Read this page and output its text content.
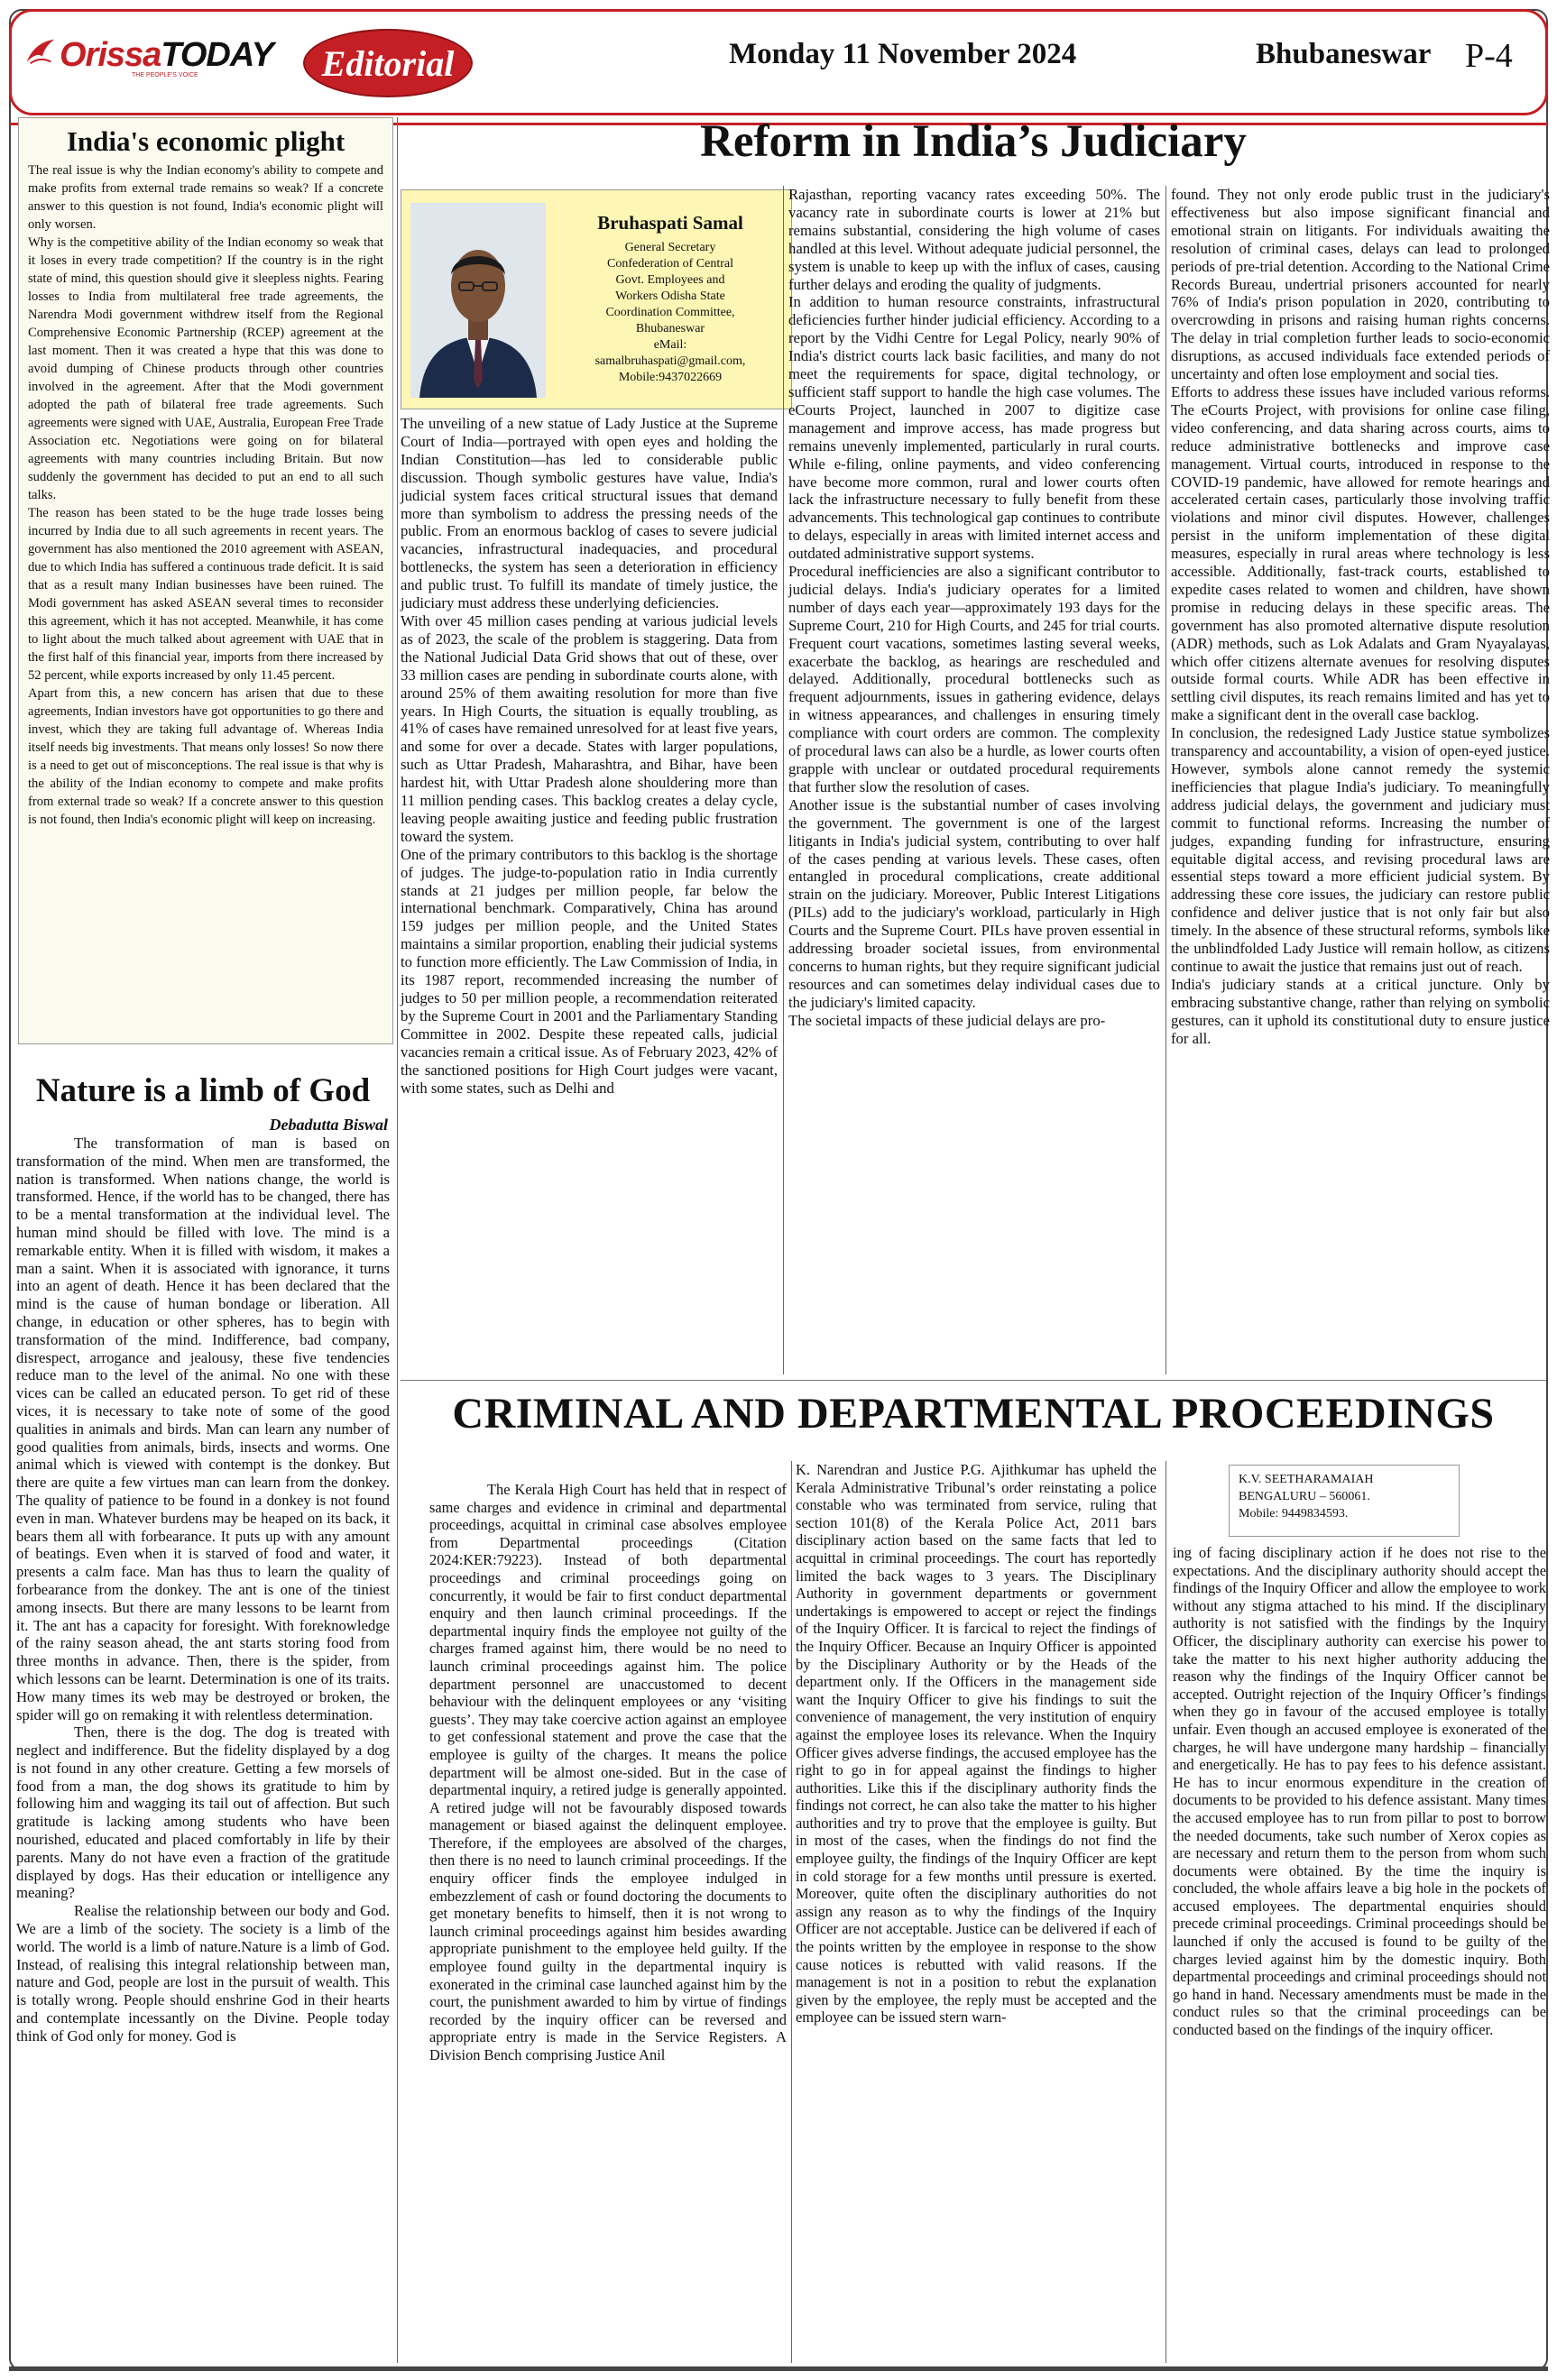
OrissaTODAY
THE PEOPLE'S VOICE	Editorial	Monday 11 November 2024	Bhubaneswar P-4
India's economic plight

The real issue is why the Indian economy's ability to compete and make profits from external trade remains so weak? If a concrete answer to this question is not found, India's economic plight will only worsen.

Why is the competitive ability of the Indian economy so weak that it loses in every trade competition? If the country is in the right state of mind, this question should give it sleepless nights. Fearing losses to India from multilateral free trade agreements, the Narendra Modi government withdrew itself from the Regional Comprehensive Economic Partnership (RCEP) agreement at the last moment. Then it was created a hype that this was done to avoid dumping of Chinese products through other countries involved in the agreement. After that the Modi government adopted the path of bilateral free trade agreements. Such agreements were signed with UAE, Australia, European Free Trade Association etc. Negotiations were going on for bilateral agreements with many countries including Britain. But now suddenly the government has decided to put an end to all such talks.

The reason has been stated to be the huge trade losses being incurred by India due to all such agreements in recent years. The government has also mentioned the 2010 agreement with ASEAN, due to which India has suffered a continuous trade deficit. It is said that as a result many Indian businesses have been ruined. The Modi government has asked ASEAN several times to reconsider this agreement, which it has not accepted. Meanwhile, it has come to light about the much talked about agreement with UAE that in the first half of this financial year, imports from there increased by 52 percent, while exports increased by only 11.45 percent.

Apart from this, a new concern has arisen that due to these agreements, Indian investors have got opportunities to go there and invest, which they are taking full advantage of. Whereas India itself needs big investments. That means only losses! So now there is a need to get out of misconceptions. The real issue is that why is the ability of the Indian economy to compete and make profits from external trade so weak? If a concrete answer to this question is not found, then India's economic plight will keep on increasing.

Nature is a limb of God
Debadutta Biswal

The transformation of man is based on transformation of the mind. When men are transformed, the nation is transformed. When nations change, the world is transformed. Hence, if the world has to be changed, there has to be a mental transformation at the individual level. The human mind should be filled with love. The mind is a remarkable entity. When it is filled with wisdom, it makes a man a saint. When it is associated with ignorance, it turns into an agent of death. Hence it has been declared that the mind is the cause of human bondage or liberation. All change, in education or other spheres, has to begin with transformation of the mind. Indifference, bad company, disrespect, arrogance and jealousy, these five tendencies reduce man to the level of the animal. No one with these vices can be called an educated person. To get rid of these vices, it is necessary to take note of some of the good qualities in animals and birds. Man can learn any number of good qualities from animals, birds, insects and worms. One animal which is viewed with contempt is the donkey. But there are quite a few virtues man can learn from the donkey. The quality of patience to be found in a donkey is not found even in man. Whatever burdens may be heaped on its back, it bears them all with forbearance. It puts up with any amount of beatings. Even when it is starved of food and water, it presents a calm face. Man has thus to learn the quality of forbearance from the donkey. The ant is one of the tiniest among insects. But there are many lessons to be learnt from it. The ant has a capacity for foresight. With foreknowledge of the rainy season ahead, the ant starts storing food from three months in advance. Then, there is the spider, from which lessons can be learnt. Determination is one of its traits. How many times its web may be destroyed or broken, the spider will go on remaking it with relentless determination.

Then, there is the dog. The dog is treated with neglect and indifference. But the fidelity displayed by a dog is not found in any other creature. Getting a few morsels of food from a man, the dog shows its gratitude to him by following him and wagging its tail out of affection. But such gratitude is lacking among students who have been nourished, educated and placed comfortably in life by their parents. Many do not have even a fraction of the gratitude displayed by dogs. Has their education or intelligence any meaning?

Realise the relationship between our body and God. We are a limb of the society. The society is a limb of the world. The world is a limb of nature.Nature is a limb of God. Instead, of realising this integral relationship between man, nature and God, people are lost in the pursuit of wealth. This is totally wrong. People should enshrine God in their hearts and contemplate incessantly on the Divine. People today think of God only for money. God is

Reform in India’s Judiciary
Bruhaspati Samal
General Secretary
Confederation of Central
Govt. Employees and
Workers Odisha State
Coordination Committee,
Bhubaneswar
eMail:
samalbruhaspati@gmail.com,
Mobile:9437022669

The unveiling of a new statue of Lady Justice at the Supreme Court of India—portrayed with open eyes and holding the Indian Constitution—has led to considerable public discussion. Though symbolic gestures have value, India's judicial system faces critical structural issues that demand more than symbolism to address the pressing needs of the public. From an enormous backlog of cases to severe judicial vacancies, infrastructural inadequacies, and procedural bottlenecks, the system has seen a deterioration in efficiency and public trust. To fulfill its mandate of timely justice, the judiciary must address these underlying deficiencies.

With over 45 million cases pending at various judicial levels as of 2023, the scale of the problem is staggering. Data from the National Judicial Data Grid shows that out of these, over 33 million cases are pending in subordinate courts alone, with around 25% of them awaiting resolution for more than five years. In High Courts, the situation is equally troubling, as 41% of cases have remained unresolved for at least five years, and some for over a decade. States with larger populations, such as Uttar Pradesh, Maharashtra, and Bihar, have been hardest hit, with Uttar Pradesh alone shouldering more than 11 million pending cases. This backlog creates a delay cycle, leaving people awaiting justice and feeding public frustration toward the system.

One of the primary contributors to this backlog is the shortage of judges. The judge-to-population ratio in India currently stands at 21 judges per million people, far below the international benchmark. Comparatively, China has around 159 judges per million people, and the United States maintains a similar proportion, enabling their judicial systems to function more efficiently. The Law Commission of India, in its 1987 report, recommended increasing the number of judges to 50 per million people, a recommendation reiterated by the Supreme Court in 2001 and the Parliamentary Standing Committee in 2002. Despite these repeated calls, judicial vacancies remain a critical issue. As of February 2023, 42% of the sanctioned positions for High Court judges were vacant, with some states, such as Delhi and

Rajasthan, reporting vacancy rates exceeding 50%. The vacancy rate in subordinate courts is lower at 21% but remains substantial, considering the high volume of cases handled at this level. Without adequate judicial personnel, the system is unable to keep up with the influx of cases, causing further delays and eroding the quality of judgments.

In addition to human resource constraints, infrastructural deficiencies further hinder judicial efficiency. According to a report by the Vidhi Centre for Legal Policy, nearly 90% of India's district courts lack basic facilities, and many do not meet the requirements for space, digital technology, or sufficient staff support to handle the high case volumes. The eCourts Project, launched in 2007 to digitize case management and improve access, has made progress but remains unevenly implemented, particularly in rural courts. While e-filing, online payments, and video conferencing have become more common, rural and lower courts often lack the infrastructure necessary to fully benefit from these advancements. This technological gap continues to contribute to delays, especially in areas with limited internet access and outdated administrative support systems.

Procedural inefficiencies are also a significant contributor to judicial delays. India's judiciary operates for a limited number of days each year—approximately 193 days for the Supreme Court, 210 for High Courts, and 245 for trial courts. Frequent court vacations, sometimes lasting several weeks, exacerbate the backlog, as hearings are rescheduled and delayed. Additionally, procedural bottlenecks such as frequent adjournments, issues in gathering evidence, delays in witness appearances, and challenges in ensuring timely compliance with court orders are common. The complexity of procedural laws can also be a hurdle, as lower courts often grapple with unclear or outdated procedural requirements that further slow the resolution of cases.

Another issue is the substantial number of cases involving the government. The government is one of the largest litigants in India's judicial system, contributing to over half of the cases pending at various levels. These cases, often entangled in procedural complications, create additional strain on the judiciary. Moreover, Public Interest Litigations (PILs) add to the judiciary's workload, particularly in High Courts and the Supreme Court. PILs have proven essential in addressing broader societal issues, from environmental concerns to human rights, but they require significant judicial resources and can sometimes delay individual cases due to the judiciary's limited capacity.

The societal impacts of these judicial delays are pro-

found. They not only erode public trust in the judiciary's effectiveness but also impose significant financial and emotional strain on litigants. For individuals awaiting the resolution of criminal cases, delays can lead to prolonged periods of pre-trial detention. According to the National Crime Records Bureau, undertrial prisoners accounted for nearly 76% of India's prison population in 2020, contributing to overcrowding in prisons and raising human rights concerns. The delay in trial completion further leads to socio-economic disruptions, as accused individuals face extended periods of uncertainty and often lose employment and social ties.

Efforts to address these issues have included various reforms. The eCourts Project, with provisions for online case filing, video conferencing, and data sharing across courts, aims to reduce administrative bottlenecks and improve case management. Virtual courts, introduced in response to the COVID-19 pandemic, have allowed for remote hearings and accelerated certain cases, particularly those involving traffic violations and minor civil disputes. However, challenges persist in the uniform implementation of these digital measures, especially in rural areas where technology is less accessible. Additionally, fast-track courts, established to expedite cases related to women and children, have shown promise in reducing delays in these specific areas. The government has also promoted alternative dispute resolution (ADR) methods, such as Lok Adalats and Gram Nyayalayas, which offer citizens alternate avenues for resolving disputes outside formal courts. While ADR has been effective in settling civil disputes, its reach remains limited and has yet to make a significant dent in the overall case backlog.

In conclusion, the redesigned Lady Justice statue symbolizes transparency and accountability, a vision of open-eyed justice. However, symbols alone cannot remedy the systemic inefficiencies that plague India's judiciary. To meaningfully address judicial delays, the government and judiciary must commit to functional reforms. Increasing the number of judges, expanding funding for infrastructure, ensuring equitable digital access, and revising procedural laws are essential steps toward a more efficient judicial system. By addressing these core issues, the judiciary can restore public confidence and deliver justice that is not only fair but also timely. In the absence of these structural reforms, symbols like the unblindfolded Lady Justice will remain hollow, as citizens continue to await the justice that remains just out of reach.

India's judiciary stands at a critical juncture. Only by embracing substantive change, rather than relying on symbolic gestures, can it uphold its constitutional duty to ensure justice for all.

CRIMINAL AND DEPARTMENTAL PROCEEDINGS

The Kerala High Court has held that in respect of same charges and evidence in criminal and departmental proceedings, acquittal in criminal case absolves employee from Departmental proceedings (Citation 2024:KER:79223). Instead of both departmental proceedings and criminal proceedings going on concurrently, it would be fair to first conduct departmental enquiry and then launch criminal proceedings. If the departmental inquiry finds the employee not guilty of the charges framed against him, there would be no need to launch criminal proceedings against him. The police department personnel are unaccustomed to decent behaviour with the delinquent employees or any ‘visiting guests’. They may take coercive action against an employee to get confessional statement and prove the case that the employee is guilty of the charges. It means the police department will be almost one-sided. But in the case of departmental inquiry, a retired judge is generally appointed. A retired judge will not be favourably disposed towards management or biased against the delinquent employee. Therefore, if the employees are absolved of the charges, then there is no need to launch criminal proceedings. If the enquiry officer finds the employee indulged in embezzlement of cash or found doctoring the documents to get monetary benefits to himself, then it is not wrong to launch criminal proceedings against him besides awarding appropriate punishment to the employee held guilty. If the employee found guilty in the departmental inquiry is exonerated in the criminal case launched against him by the court, the punishment awarded to him by virtue of findings recorded by the inquiry officer can be reversed and appropriate entry is made in the Service Registers. A Division Bench comprising Justice Anil

K. Narendran and Justice P.G. Ajithkumar has upheld the Kerala Administrative Tribunal’s order reinstating a police constable who was terminated from service, ruling that section 101(8) of the Kerala Police Act, 2011 bars disciplinary action based on the same facts that led to acquittal in criminal proceedings. The court has reportedly limited the back wages to 3 years. The Disciplinary Authority in government departments or government undertakings is empowered to accept or reject the findings of the Inquiry Officer. It is farcical to reject the findings of the Inquiry Officer. Because an Inquiry Officer is appointed by the Disciplinary Authority or by the Heads of the department only. If the Officers in the management side want the Inquiry Officer to give his findings to suit the convenience of management, the very institution of enquiry against the employee loses its relevance. When the Inquiry Officer gives adverse findings, the accused employee has the right to go in for appeal against the findings to higher authorities. Like this if the disciplinary authority finds the findings not correct, he can also take the matter to his higher authorities and try to prove that the employee is guilty. But in most of the cases, when the findings do not find the employee guilty, the findings of the Inquiry Officer are kept in cold storage for a few months until pressure is exerted. Moreover, quite often the disciplinary authorities do not assign any reason as to why the findings of the Inquiry Officer are not acceptable. Justice can be delivered if each of the points written by the employee in response to the show cause notices is rebutted with valid reasons. If the management is not in a position to rebut the explanation given by the employee, the reply must be accepted and the employee can be issued stern warn-

K.V. SEETHARAMAIAH
BENGALURU – 560061.
Mobile: 9449834593.

ing of facing disciplinary action if he does not rise to the expectations. And the disciplinary authority should accept the findings of the Inquiry Officer and allow the employee to work without any stigma attached to his mind. If the disciplinary authority is not satisfied with the findings by the Inquiry Officer, the disciplinary authority can exercise his power to take the matter to his next higher authority adducing the reason why the findings of the Inquiry Officer cannot be accepted. Outright rejection of the Inquiry Officer’s findings when they go in favour of the accused employee is totally unfair. Even though an accused employee is exonerated of the charges, he will have undergone many hardship – financially and energetically. He has to pay fees to his defence assistant. He has to incur enormous expenditure in the creation of documents to be provided to his defence assistant. Many times the accused employee has to run from pillar to post to borrow the needed documents, take such number of Xerox copies as are necessary and return them to the person from whom such documents were obtained. By the time the inquiry is concluded, the whole affairs leave a big hole in the pockets of accused employees. The departmental enquiries should precede criminal proceedings. Criminal proceedings should be launched if only the accused is found to be guilty of the charges levied against him by the domestic inquiry. Both departmental proceedings and criminal proceedings should not go hand in hand. Necessary amendments must be made in the conduct rules so that the criminal proceedings can be conducted based on the findings of the inquiry officer.
